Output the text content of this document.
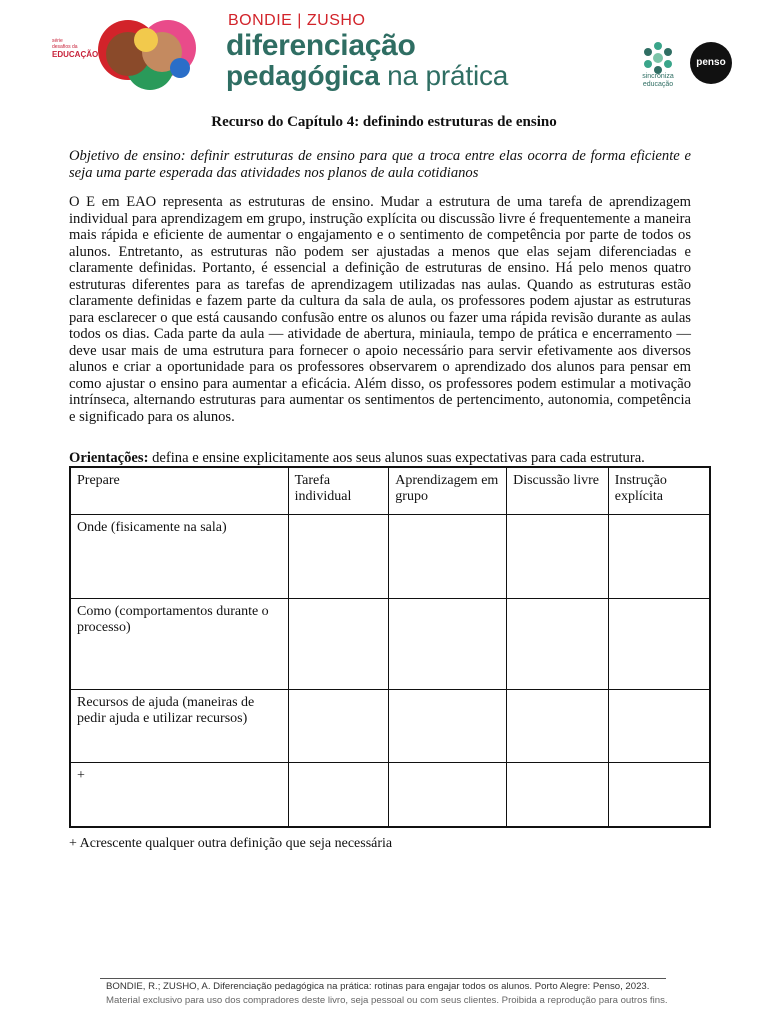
série
desafios da
EDUCAÇÃO
BONDIE | ZUSHO
diferenciação
pedagógica na prática	sincroniza
educação
penso
Recurso do Capítulo 4: definindo estruturas de ensino
Objetivo de ensino: definir estruturas de ensino para que a troca entre elas ocorra de forma eficiente e seja uma parte esperada das atividades nos planos de aula cotidianos
O E em EAO representa as estruturas de ensino. Mudar a estrutura de uma tarefa de aprendizagem individual para aprendizagem em grupo, instrução explícita ou discussão livre é frequentemente a maneira mais rápida e eficiente de aumentar o engajamento e o sentimento de competência por parte de todos os alunos. Entretanto, as estruturas não podem ser ajustadas a menos que elas sejam diferenciadas e claramente definidas. Portanto, é essencial a definição de estruturas de ensino. Há pelo menos quatro estruturas diferentes para as tarefas de aprendizagem utilizadas nas aulas. Quando as estruturas estão claramente definidas e fazem parte da cultura da sala de aula, os professores podem ajustar as estruturas para esclarecer o que está causando confusão entre os alunos ou fazer uma rápida revisão durante as aulas todos os dias. Cada parte da aula — atividade de abertura, miniaula, tempo de prática e encerramento — deve usar mais de uma estrutura para fornecer o apoio necessário para servir efetivamente aos diversos alunos e criar a oportunidade para os professores observarem o aprendizado dos alunos para pensar em como ajustar o ensino para aumentar a eficácia. Além disso, os professores podem estimular a motivação intrínseca, alternando estruturas para aumentar os sentimentos de pertencimento, autonomia, competência e significado para os alunos.
Orientações: defina e ensine explicitamente aos seus alunos suas expectativas para cada estrutura.
Prepare	Tarefa individual	Aprendizagem em grupo	Discussão livre	Instrução explícita
Onde (fisicamente na sala)				
Como (comportamentos durante o processo)				
Recursos de ajuda (maneiras de pedir ajuda e utilizar recursos)				
+				
+ Acrescente qualquer outra definição que seja necessária
BONDIE, R.; ZUSHO, A. Diferenciação pedagógica na prática: rotinas para engajar todos os alunos. Porto Alegre: Penso, 2023.
Material exclusivo para uso dos compradores deste livro, seja pessoal ou com seus clientes. Proibida a reprodução para outros fins.
